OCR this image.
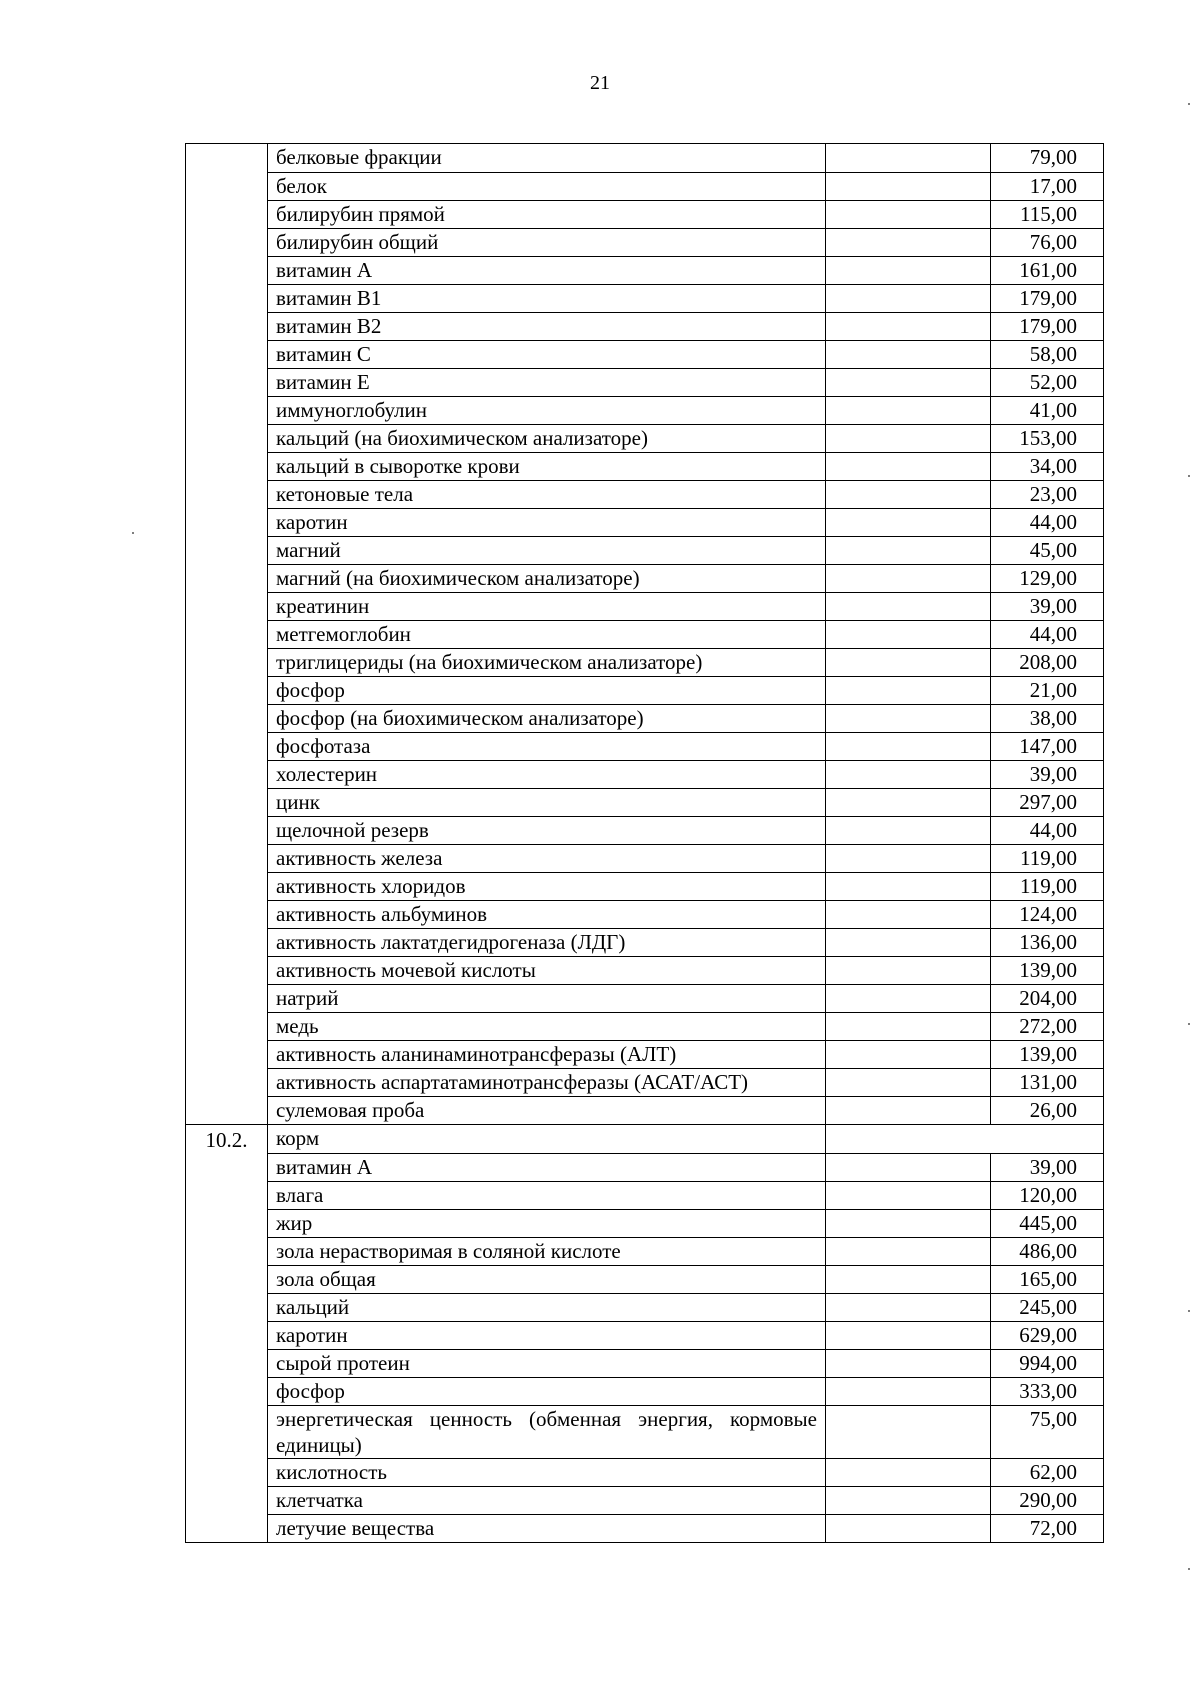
21
	белковые фракции		79,00
	белок		17,00
	билирубин прямой		115,00
	билирубин общий		76,00
	витамин А		161,00
	витамин В1		179,00
	витамин В2		179,00
	витамин С		58,00
	витамин Е		52,00
	иммуноглобулин		41,00
	кальций (на биохимическом анализаторе)		153,00
	кальций в сыворотке крови		34,00
	кетоновые тела		23,00
	каротин		44,00
	магний		45,00
	магний (на биохимическом анализаторе)		129,00
	креатинин		39,00
	метгемоглобин		44,00
	триглицериды (на биохимическом анализаторе)		208,00
	фосфор		21,00
	фосфор (на биохимическом анализаторе)		38,00
	фосфотаза		147,00
	холестерин		39,00
	цинк		297,00
	щелочной резерв		44,00
	активность железа		119,00
	активность хлоридов		119,00
	активность альбуминов		124,00
	активность лактатдегидрогеназа (ЛДГ)		136,00
	активность мочевой кислоты		139,00
	натрий		204,00
	медь		272,00
	активность аланинаминотрансферазы (АЛТ)		139,00
	активность аспартатаминотрансферазы (АСАТ/АСТ)		131,00
	сулемовая проба		26,00
10.2.	корм		
	витамин А		39,00
	влага		120,00
	жир		445,00
	зола нерастворимая в соляной кислоте		486,00
	зола общая		165,00
	кальций		245,00
	каротин		629,00
	сырой протеин		994,00
	фосфор		333,00
	энергетическая ценность (обменная энергия, кормовые единицы)		75,00
	кислотность		62,00
	клетчатка		290,00
	летучие вещества		72,00
